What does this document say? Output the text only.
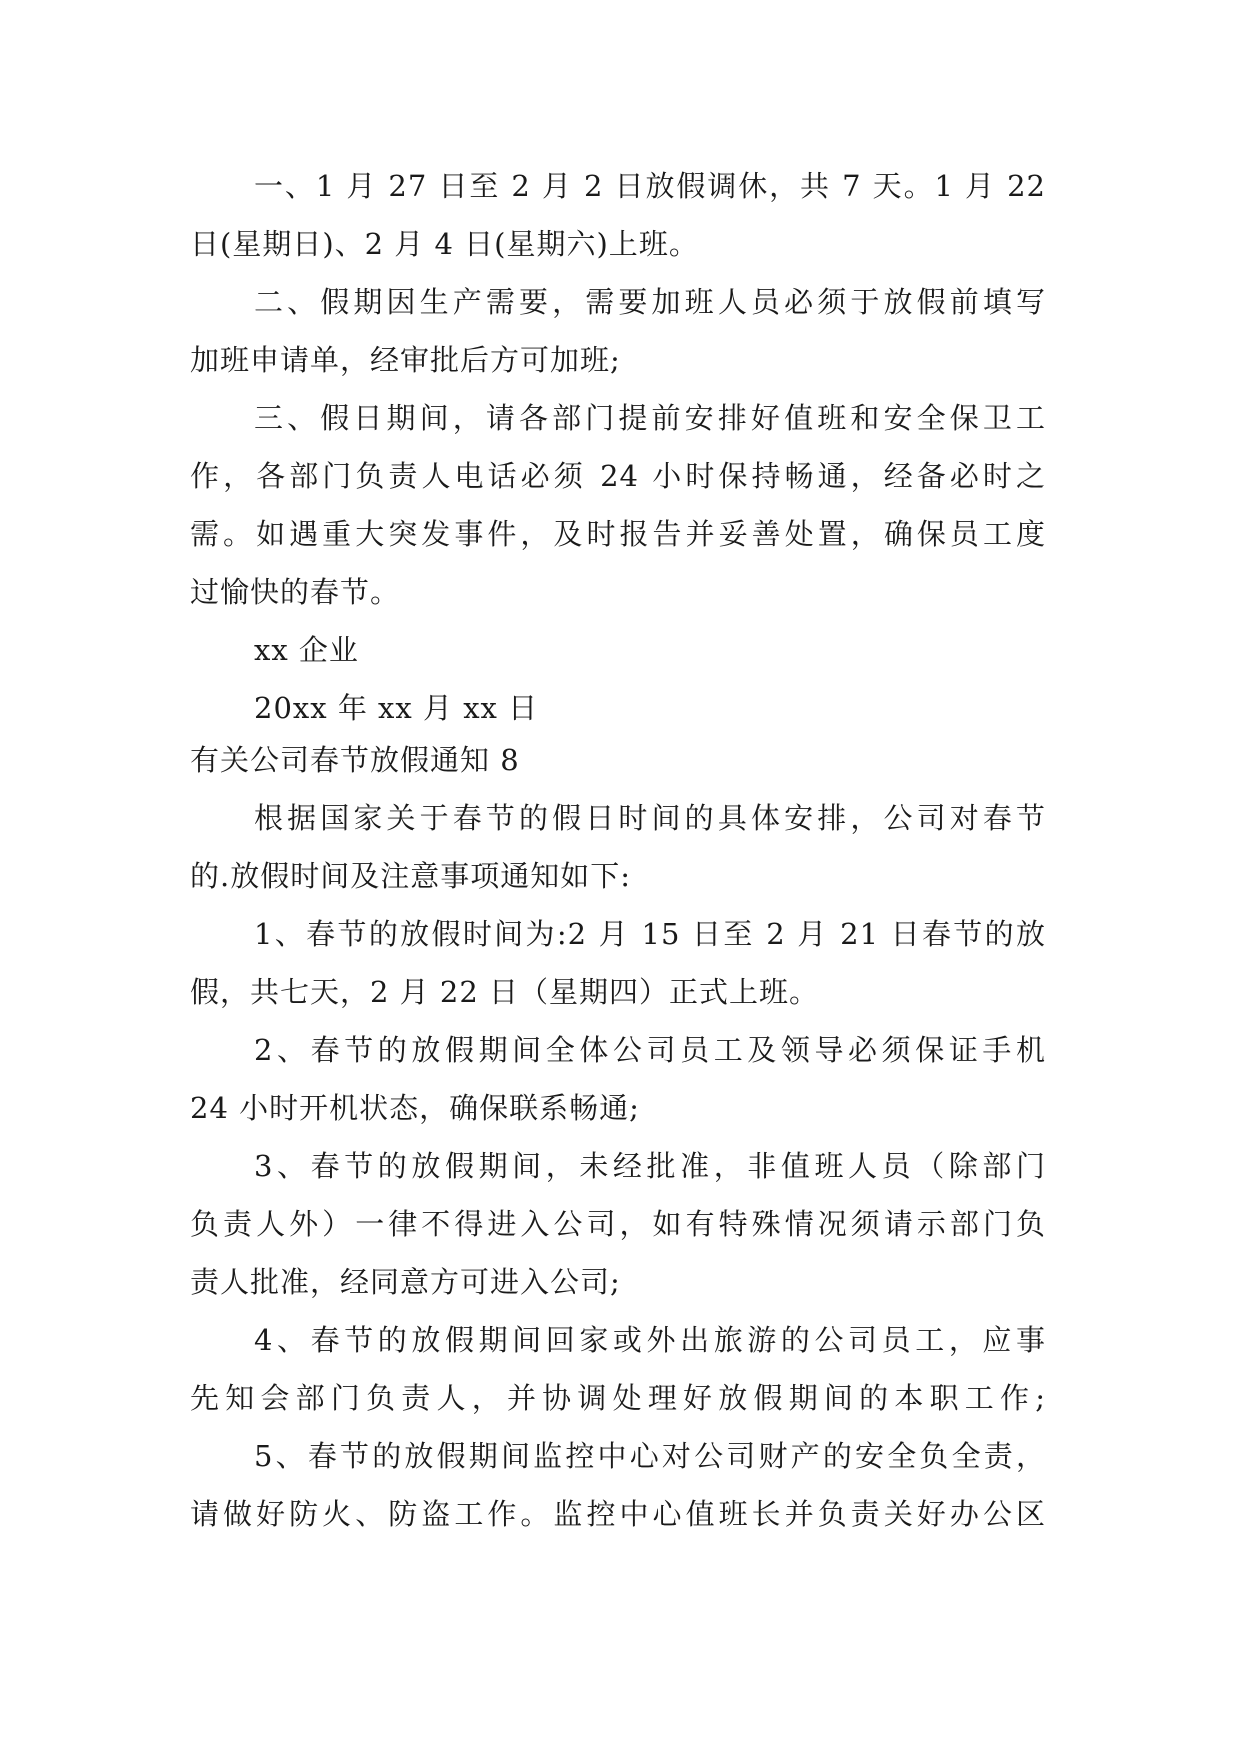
一、1 月 27 日至 2 月 2 日放假调休，共 7 天。1 月 22
日(星期日)、2 月 4 日(星期六)上班。
二、假期因生产需要，需要加班人员必须于放假前填写
加班申请单，经审批后方可加班;
三、假日期间，请各部门提前安排好值班和安全保卫工
作，各部门负责人电话必须 24 小时保持畅通，经备必时之
需。如遇重大突发事件，及时报告并妥善处置，确保员工度
过愉快的春节。
xx 企业
20xx 年 xx 月 xx 日
有关公司春节放假通知 8
根据国家关于春节的假日时间的具体安排，公司对春节
的.放假时间及注意事项通知如下:
1、春节的放假时间为:2 月 15 日至 2 月 21 日春节的放
假，共七天，2 月 22 日（星期四）正式上班。
2、春节的放假期间全体公司员工及领导必须保证手机
24 小时开机状态，确保联系畅通;
3、春节的放假期间，未经批准，非值班人员（除部门
负责人外）一律不得进入公司，如有特殊情况须请示部门负
责人批准，经同意方可进入公司;
4、春节的放假期间回家或外出旅游的公司员工，应事
先知会部门负责人，并协调处理好放假期间的本职工作;
5、春节的放假期间监控中心对公司财产的安全负全责，
请做好防火、防盗工作。监控中心值班长并负责关好办公区
